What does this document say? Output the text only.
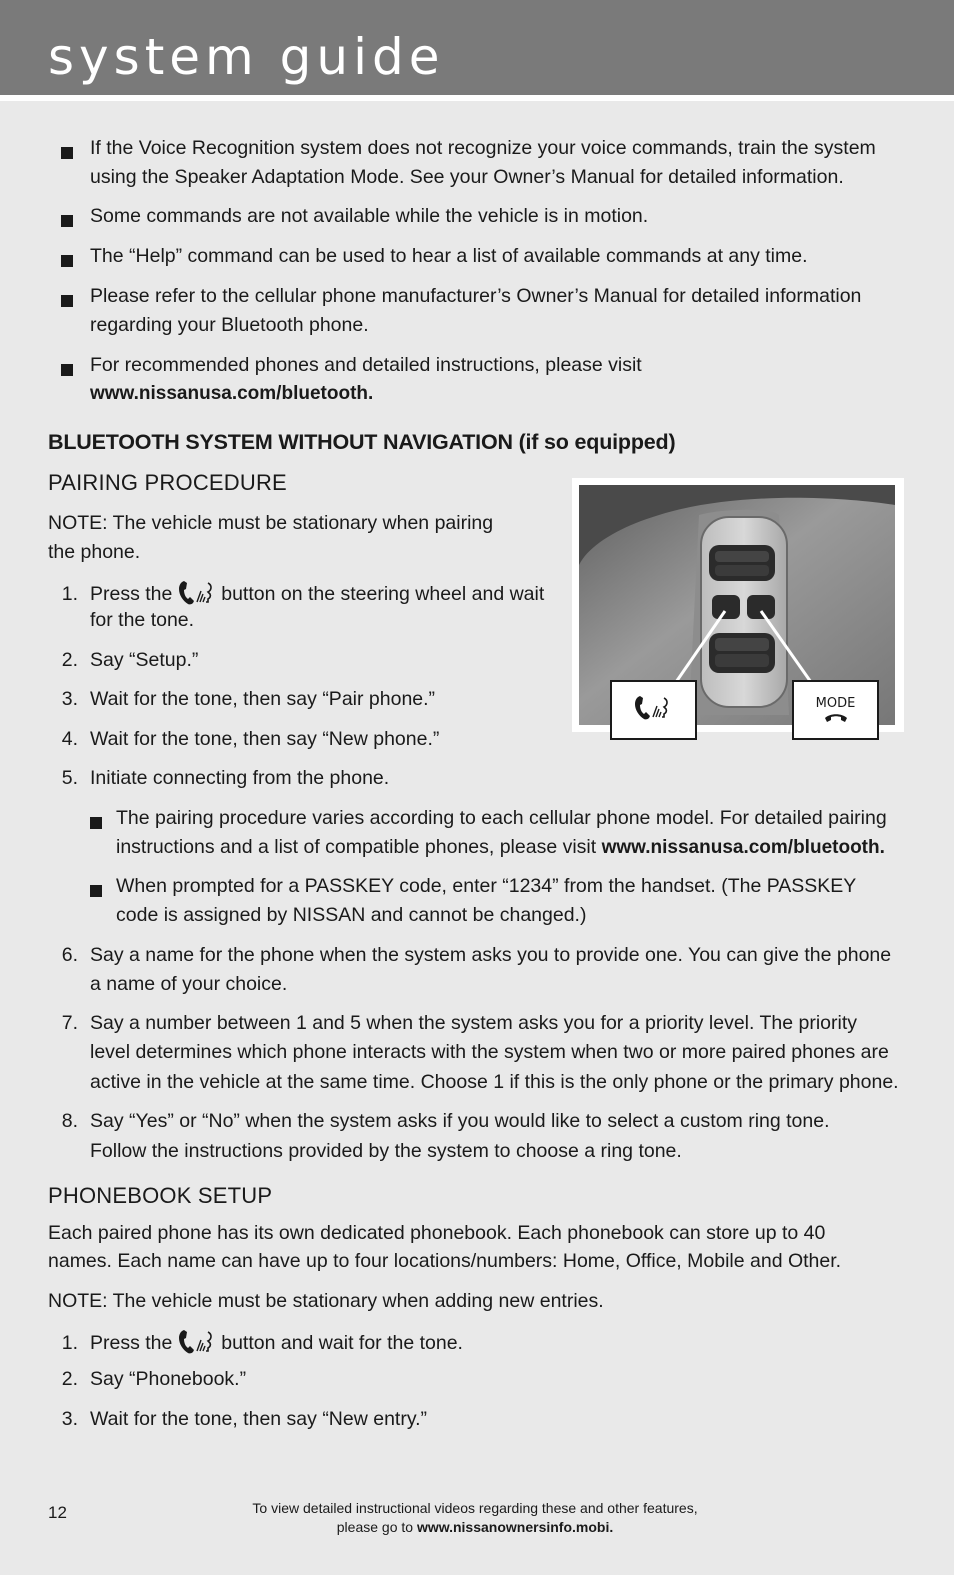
system guide
If the Voice Recognition system does not recognize your voice commands, train the system
using the Speaker Adaptation Mode. See your Owner’s Manual for detailed information.
Some commands are not available while the vehicle is in motion.
The “Help” command can be used to hear a list of available commands at any time.
Please refer to the cellular phone manufacturer’s Owner’s Manual for detailed information
regarding your Bluetooth phone.
For recommended phones and detailed instructions, please visit
www.nissanusa.com/bluetooth.
BLUETOOTH SYSTEM WITHOUT NAVIGATION (if so equipped)
PAIRING PROCEDURE
NOTE: The vehicle must be stationary when pairing
the phone.
1. Press the	button on the steering wheel and wait
for the tone.
2. Say “Setup.”
3. Wait for the tone, then say “Pair phone.”
4. Wait for the tone, then say “New phone.”
5. Initiate connecting from the phone.
The pairing procedure varies according to each cellular phone model. For detailed pairing
instructions and a list of compatible phones, please visit www.nissanusa.com/bluetooth.
When prompted for a PASSKEY code, enter “1234” from the handset. (The PASSKEY
code is assigned by NISSAN and cannot be changed.)
6. Say a name for the phone when the system asks you to provide one. You can give the phone
a name of your choice.
7. Say a number between 1 and 5 when the system asks you for a priority level. The priority
level determines which phone interacts with the system when two or more paired phones are
active in the vehicle at the same time. Choose 1 if this is the only phone or the primary phone.
8. Say “Yes” or “No” when the system asks if you would like to select a custom ring tone.
Follow the instructions provided by the system to choose a ring tone.
MODE
PHONEBOOK SETUP
Each paired phone has its own dedicated phonebook. Each phonebook can store up to 40
names. Each name can have up to four locations/numbers: Home, Office, Mobile and Other.
NOTE: The vehicle must be stationary when adding new entries.
1. Press the	button and wait for the tone.
2. Say “Phonebook.”
3. Wait for the tone, then say “New entry.”
12	To view detailed instructional videos regarding these and other features,
please go to www.nissanownersinfo.mobi.
